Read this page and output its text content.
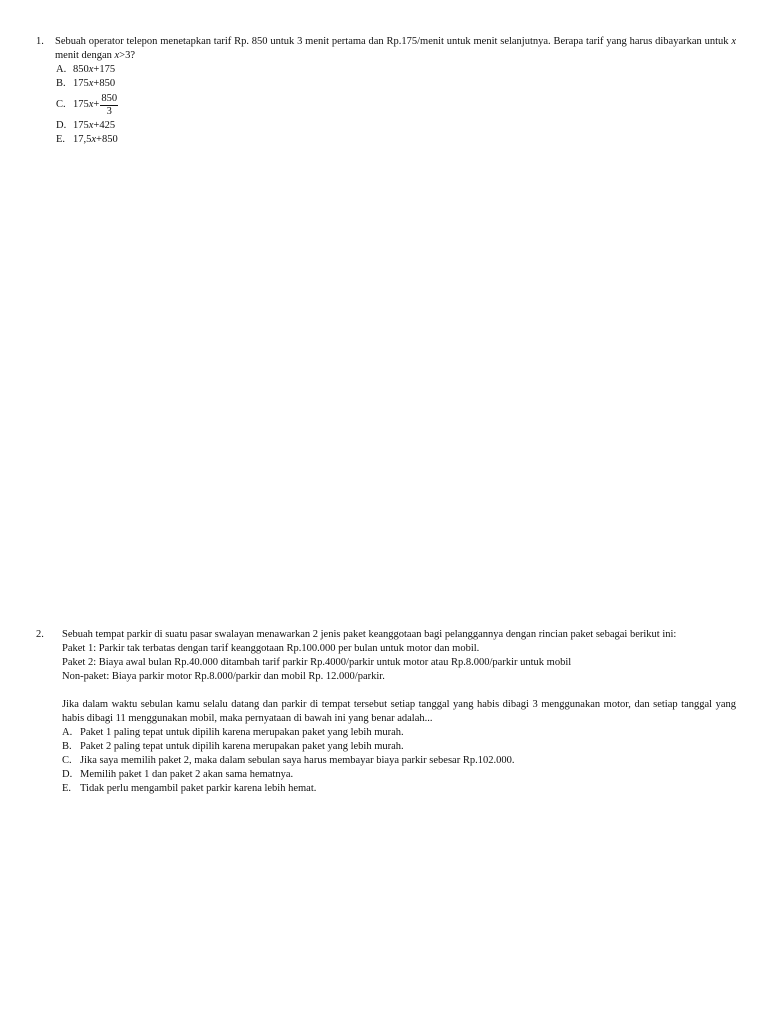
1.	Sebuah operator telepon menetapkan tarif Rp. 850 untuk 3 menit pertama dan Rp.175/menit untuk menit selanjutnya. Berapa tarif yang harus dibayarkan untuk x menit dengan x>3?
A. 850x+175
B. 175x+850
C. $175x+ \frac{850}{3}$
D. 175x+425
E. 17,5x+850
2.	Sebuah tempat parkir di suatu pasar swalayan menawarkan 2 jenis paket keanggotaan bagi pelanggannya dengan rincian paket sebagai berikut ini:
Paket 1: Parkir tak terbatas dengan tarif keanggotaan Rp.100.000 per bulan untuk motor dan mobil.
Paket 2: Biaya awal bulan Rp.40.000 ditambah tarif parkir Rp.4000/parkir untuk motor atau Rp.8.000/parkir untuk mobil
Non-paket: Biaya parkir motor Rp.8.000/parkir dan mobil Rp. 12.000/parkir.
Jika dalam waktu sebulan kamu selalu datang dan parkir di tempat tersebut setiap tanggal yang habis dibagi 3 menggunakan motor, dan setiap tanggal yang habis dibagi 11 menggunakan mobil, maka pernyataan di bawah ini yang benar adalah...
A. Paket 1 paling tepat untuk dipilih karena merupakan paket yang lebih murah.
B. Paket 2 paling tepat untuk dipilih karena merupakan paket yang lebih murah.
C. Jika saya memilih paket 2, maka dalam sebulan saya harus membayar biaya parkir sebesar Rp.102.000.
D. Memilih paket 1 dan paket 2 akan sama hematnya.
E. Tidak perlu mengambil paket parkir karena lebih hemat.
